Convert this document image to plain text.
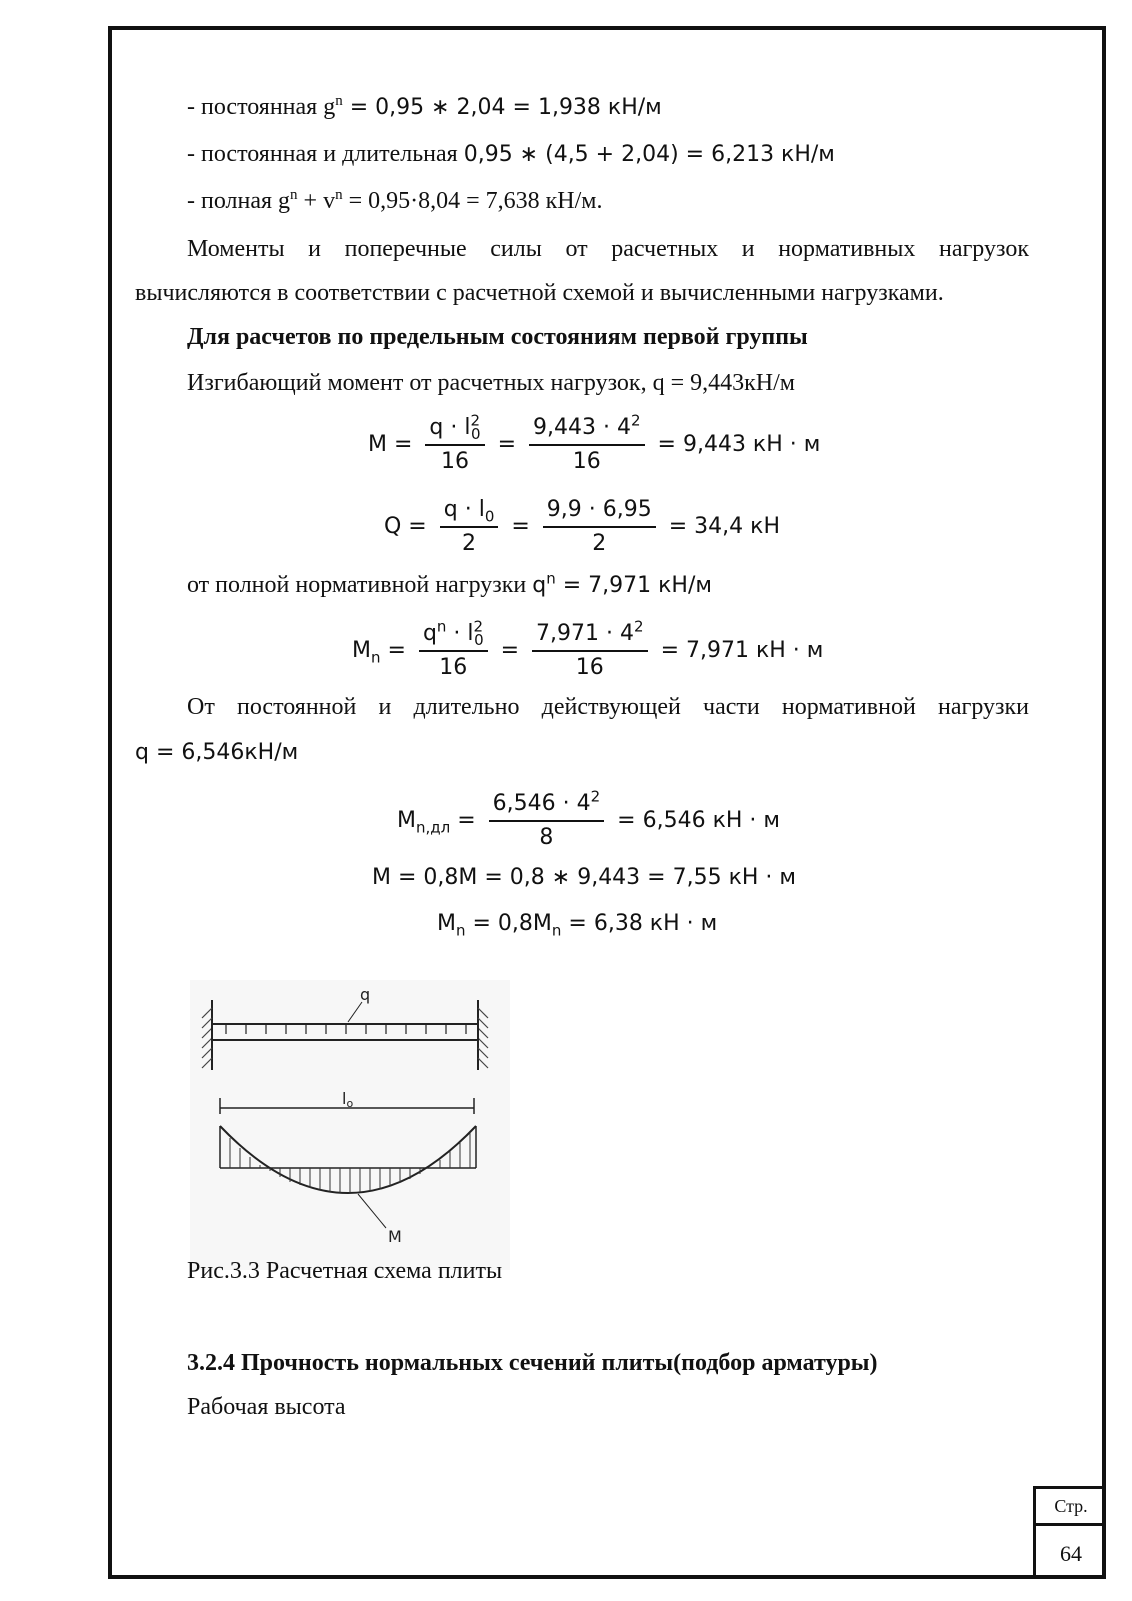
- постоянная $g^n = 0,95$ ∗ 2,04 = 1,938 кН/м
- постоянная и длительная 0,95 ∗ (4,5 + 2,04) = 6,213 кН/м
- полная $g^n + v^n = 0,95\cdot 8,04 = 7,638$ кН/м.
Моменты и поперечные силы от расчетных и нормативных нагрузок
вычисляются в соответствии с расчетной схемой и вычисленными нагрузками.
Для расчетов по предельным состояниям первой группы
Изгибающий момент от расчетных нагрузок, q = 9,443кН/м
$M = \frac{q \cdot l^2_0}{16} = \frac{9,443 \cdot 4^2}{16} = 9,443$ кН · м
$Q = \frac{q \cdot l_0}{2} = \frac{9,9 \cdot 6,95}{2} = 34,4$ кН
от полной нормативной нагрузки $q^n = 7,971$ кН/м
$M_n = \frac{q^n \cdot l^2_0}{16} = \frac{7,971 \cdot 4^2}{16} = 7,971$ кН · м
От постоянной и длительно действующей части нормативной нагрузки
q = 6,546кН/м
$M_{n,дл} = \frac{6,546 \cdot 4^2}{8} = 6,546$ кН · м
M = 0,8M = 0,8 ∗ 9,443 = 7,55 кН · м
$M_n = 0,8M_n = 6,38$ кН · м
q
lo
M
Рис.3.3 Расчетная схема плиты
3.2.4 Прочность нормальных сечений плиты(подбор арматуры)
Рабочая высота
Стр.
64
